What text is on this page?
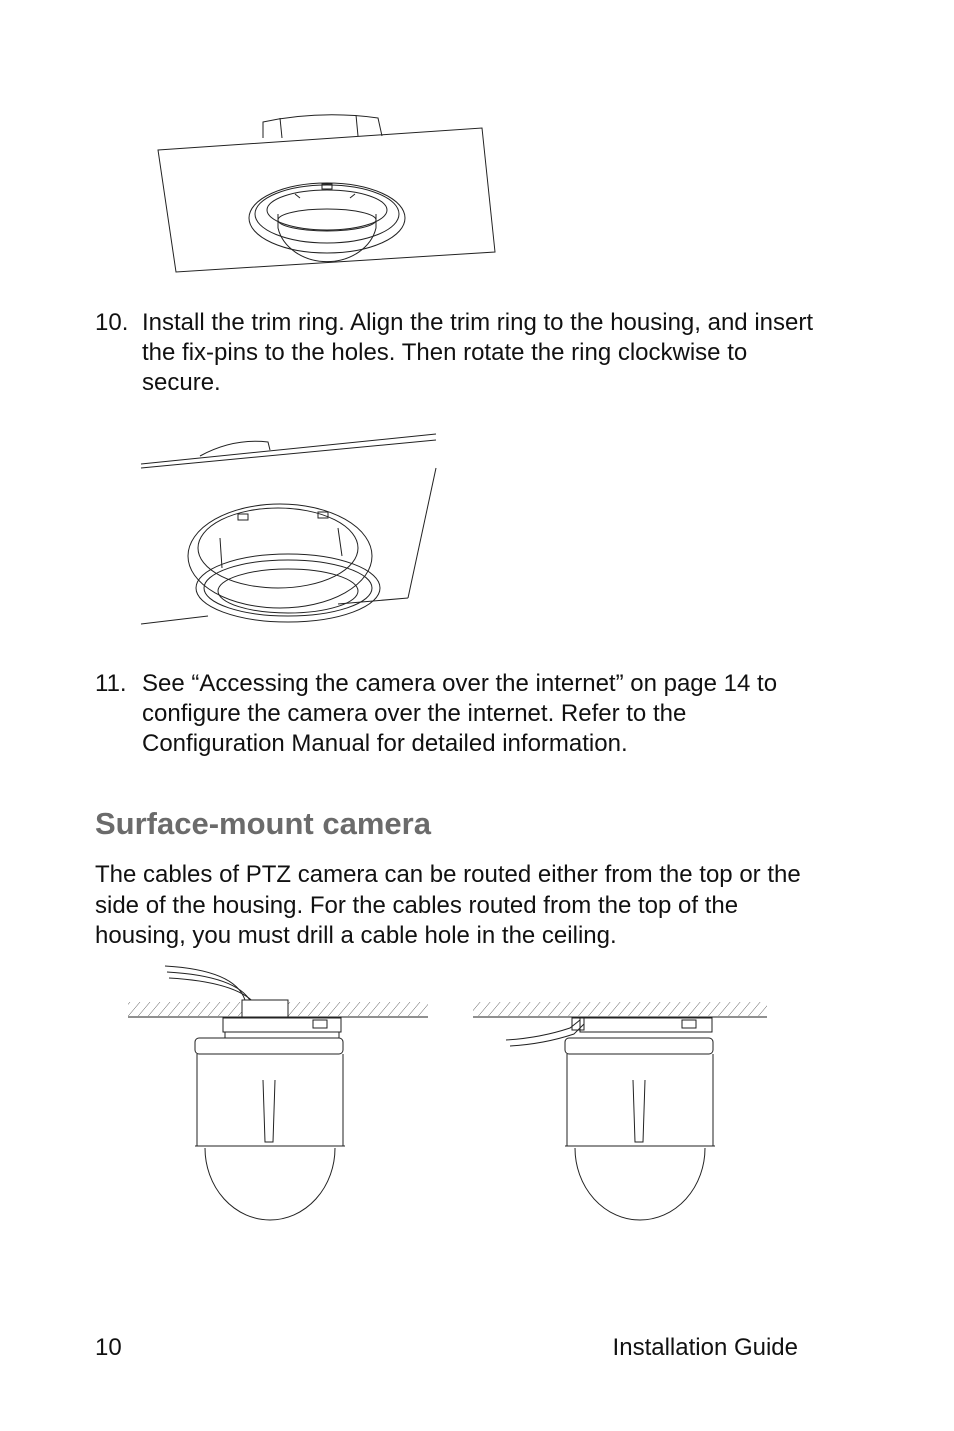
10. Install the trim ring. Align the trim ring to the housing, and insert the fix-pins to the holes. Then rotate the ring clockwise to secure.
11. See “Accessing the camera over the internet” on page 14 to configure the camera over the internet. Refer to the Configuration Manual for detailed information.
Surface-mount camera
The cables of PTZ camera can be routed either from the top or the side of the housing. For the cables routed from the top of the housing, you must drill a cable hole in the ceiling.
10	Installation Guide
